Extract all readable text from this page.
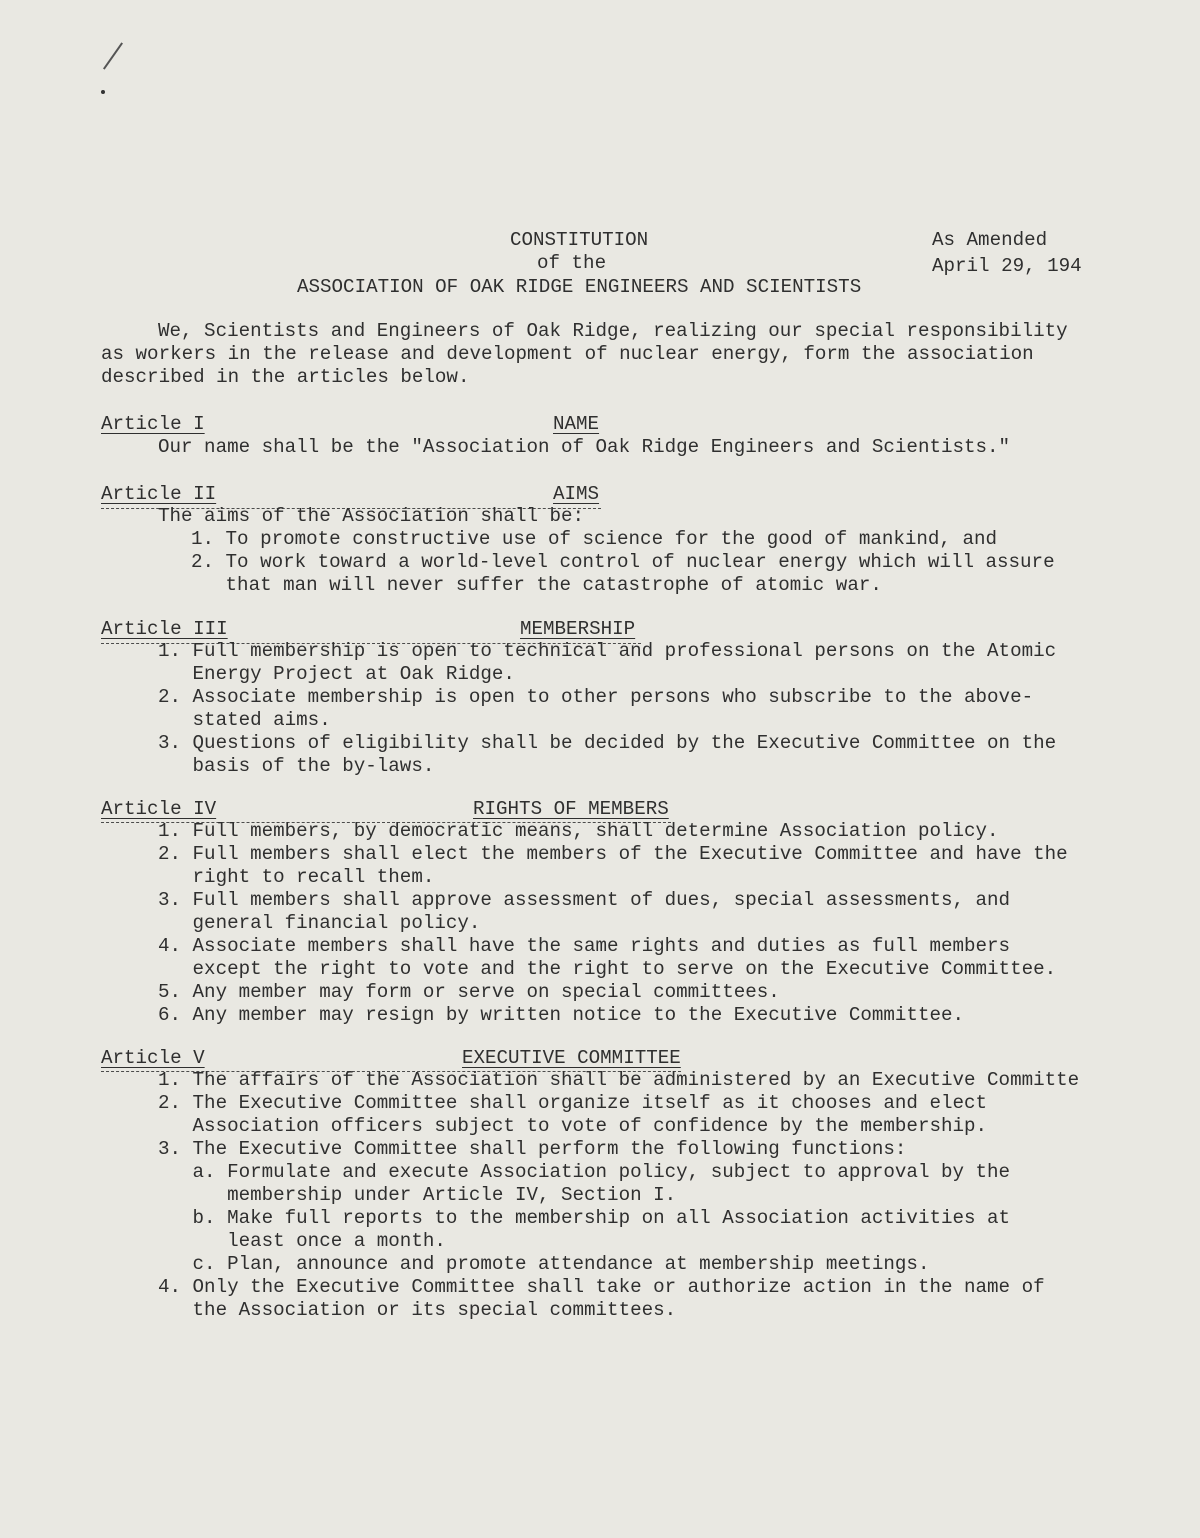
CONSTITUTION
of the
ASSOCIATION OF OAK RIDGE ENGINEERS AND SCIENTISTS
As Amended
April 29, 194
We, Scientists and Engineers of Oak Ridge, realizing our special responsibility
as workers in the release and development of nuclear energy, form the association
described in the articles below.
Article I	NAME
Our name shall be the "Association of Oak Ridge Engineers and Scientists."
Article II	AIMS
The aims of the Association shall be:
1. To promote constructive use of science for the good of mankind, and
2. To work toward a world-level control of nuclear energy which will assure
that man will never suffer the catastrophe of atomic war.
Article III	MEMBERSHIP
1. Full membership is open to technical and professional persons on the Atomic
Energy Project at Oak Ridge.
2. Associate membership is open to other persons who subscribe to the above-
stated aims.
3. Questions of eligibility shall be decided by the Executive Committee on the
basis of the by-laws.
Article IV	RIGHTS OF MEMBERS
1. Full members, by democratic means, shall determine Association policy.
2. Full members shall elect the members of the Executive Committee and have the
right to recall them.
3. Full members shall approve assessment of dues, special assessments, and
general financial policy.
4. Associate members shall have the same rights and duties as full members
except the right to vote and the right to serve on the Executive Committee.
5. Any member may form or serve on special committees.
6. Any member may resign by written notice to the Executive Committee.
Article V	EXECUTIVE COMMITTEE
1. The affairs of the Association shall be administered by an Executive Committe
2. The Executive Committee shall organize itself as it chooses and elect
Association officers subject to vote of confidence by the membership.
3. The Executive Committee shall perform the following functions:
a. Formulate and execute Association policy, subject to approval by the
membership under Article IV, Section I.
b. Make full reports to the membership on all Association activities at
least once a month.
c. Plan, announce and promote attendance at membership meetings.
4. Only the Executive Committee shall take or authorize action in the name of
the Association or its special committees.
